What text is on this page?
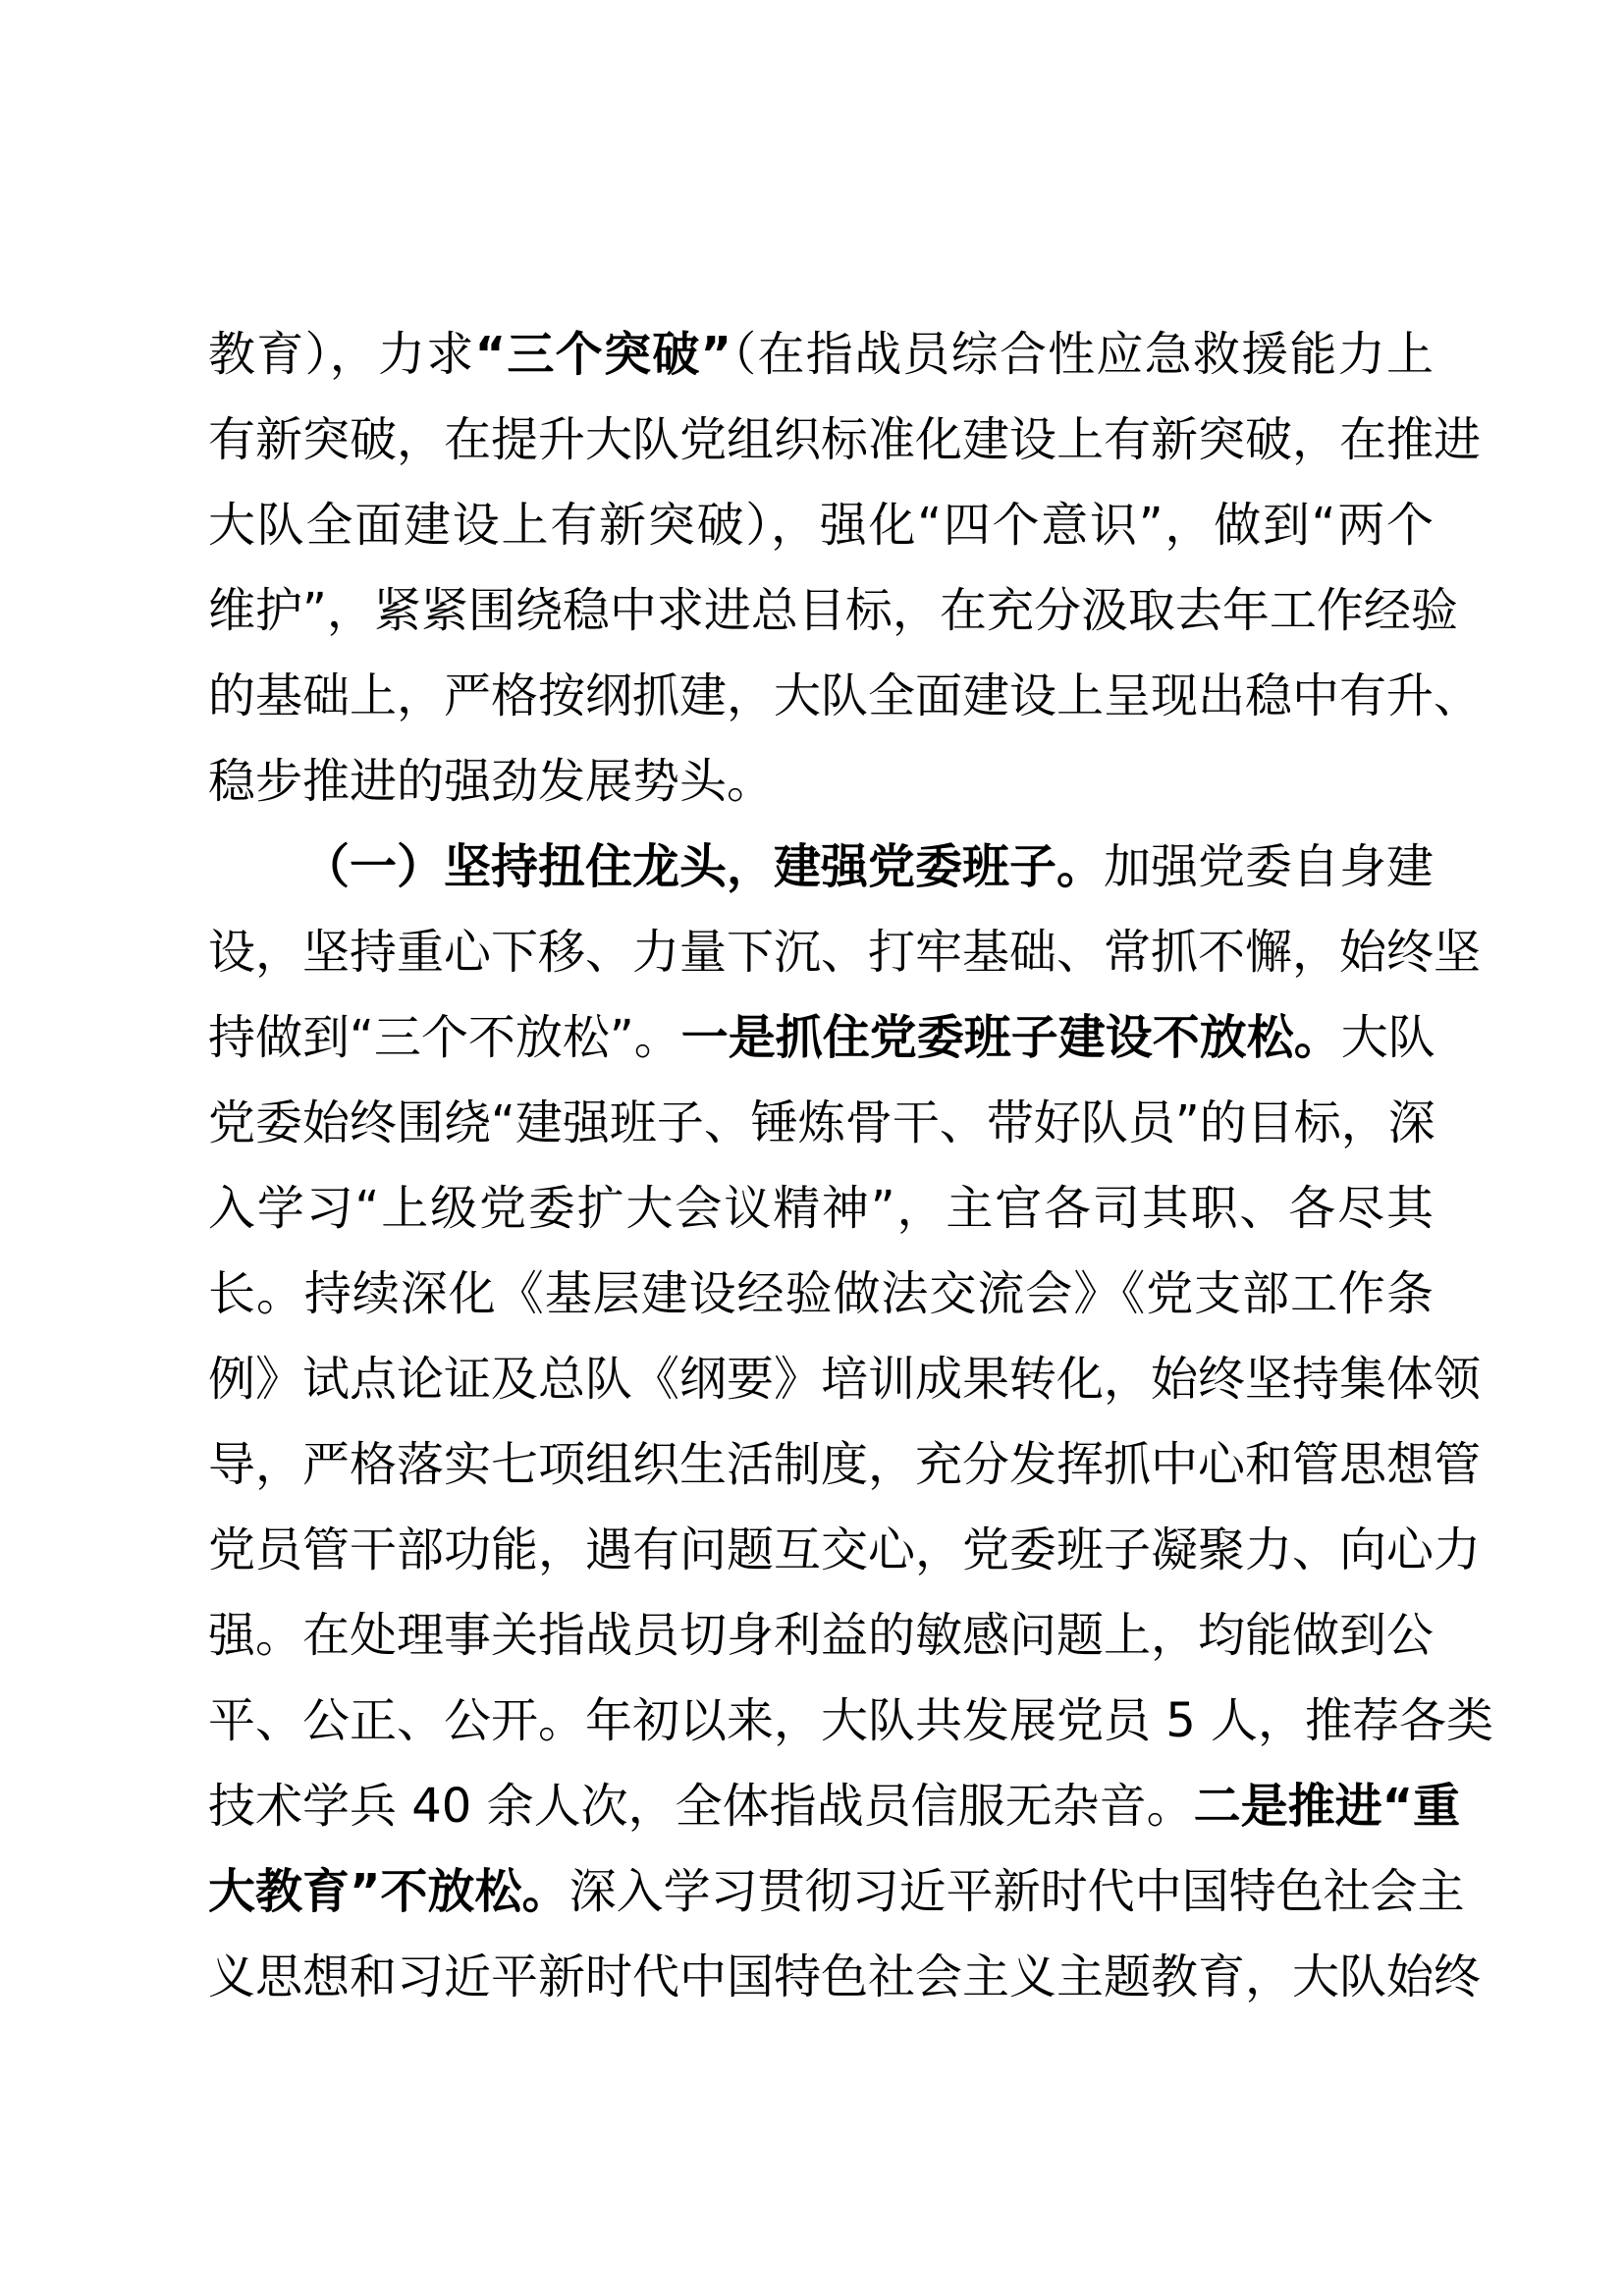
教育），力求“三个突破”（在指战员综合性应急救援能力上
有新突破，在提升大队党组织标准化建设上有新突破，在推进
大队全面建设上有新突破），强化“四个意识”，做到“两个
维护”，紧紧围绕稳中求进总目标，在充分汲取去年工作经验
的基础上，严格按纲抓建，大队全面建设上呈现出稳中有升、
稳步推进的强劲发展势头。
（一）坚持扭住龙头，建强党委班子。加强党委自身建
设，坚持重心下移、力量下沉、打牢基础、常抓不懈，始终坚
持做到“三个不放松”。一是抓住党委班子建设不放松。大队
党委始终围绕“建强班子、锤炼骨干、带好队员”的目标，深
入学习“上级党委扩大会议精神”，主官各司其职、各尽其
长。持续深化《基层建设经验做法交流会》《党支部工作条
例》试点论证及总队《纲要》培训成果转化，始终坚持集体领
导，严格落实七项组织生活制度，充分发挥抓中心和管思想管
党员管干部功能，遇有问题互交心，党委班子凝聚力、向心力
强。在处理事关指战员切身利益的敏感问题上，均能做到公
平、公正、公开。年初以来，大队共发展党员 5 人，推荐各类
技术学兵 40 余人次，全体指战员信服无杂音。二是推进“重
大教育”不放松。深入学习贯彻习近平新时代中国特色社会主
义思想和习近平新时代中国特色社会主义主题教育，大队始终
